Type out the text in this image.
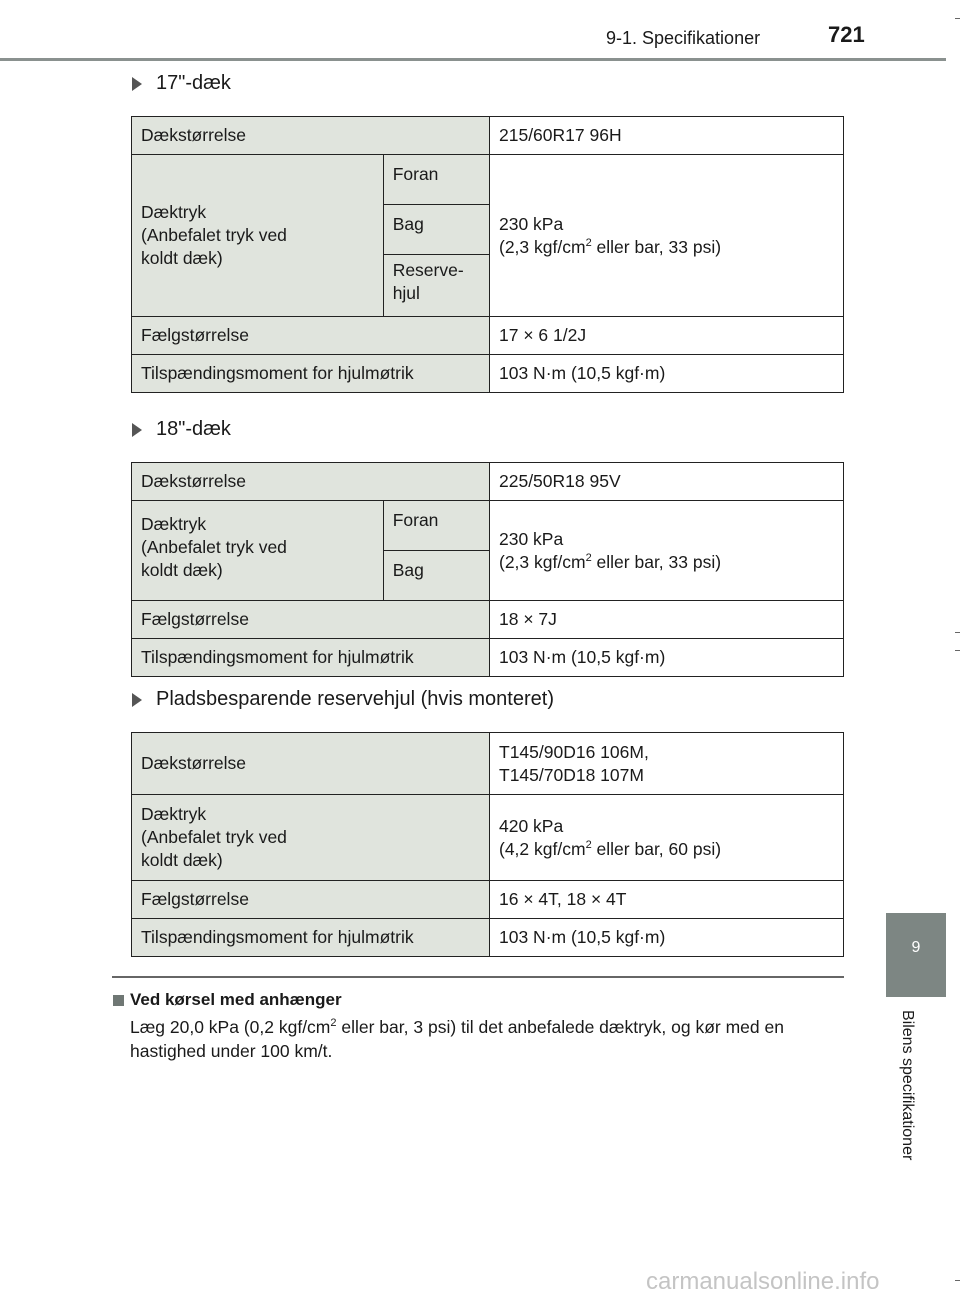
9-1. Specifikationer	721
9
Bilens specifikationer
17"-dæk
Dækstørrelse		215/60R17 96H
Dæktryk
(Anbefalet tryk ved
koldt dæk)	Foran	230 kPa
(2,3 kgf/$cm^2$ eller bar, 33 psi)
	Bag	
	Reserve-
hjul	
Fælgstørrelse		17 × 6 1/2J
Tilspændingsmoment for hjulmøtrik		103 N·m (10,5 kgf·m)
18"-dæk
Dækstørrelse		225/50R18 95V
Dæktryk
(Anbefalet tryk ved
koldt dæk)	Foran	230 kPa
(2,3 kgf/$cm^2$ eller bar, 33 psi)
	Bag	
Fælgstørrelse		18 × 7J
Tilspændingsmoment for hjulmøtrik		103 N·m (10,5 kgf·m)
Pladsbesparende reservehjul (hvis monteret)
Dækstørrelse	T145/90D16 106M,
T145/70D18 107M
Dæktryk
(Anbefalet tryk ved
koldt dæk)	420 kPa
(4,2 kgf/$cm^2$ eller bar, 60 psi)
Fælgstørrelse	16 × 4T, 18 × 4T
Tilspændingsmoment for hjulmøtrik	103 N·m (10,5 kgf·m)
Ved kørsel med anhænger
Læg 20,0 kPa (0,2 kgf/$cm^2$ eller bar, 3 psi) til det anbefalede dæktryk, og kør med en hastighed under 100 km/t.
carmanualsonline.info
